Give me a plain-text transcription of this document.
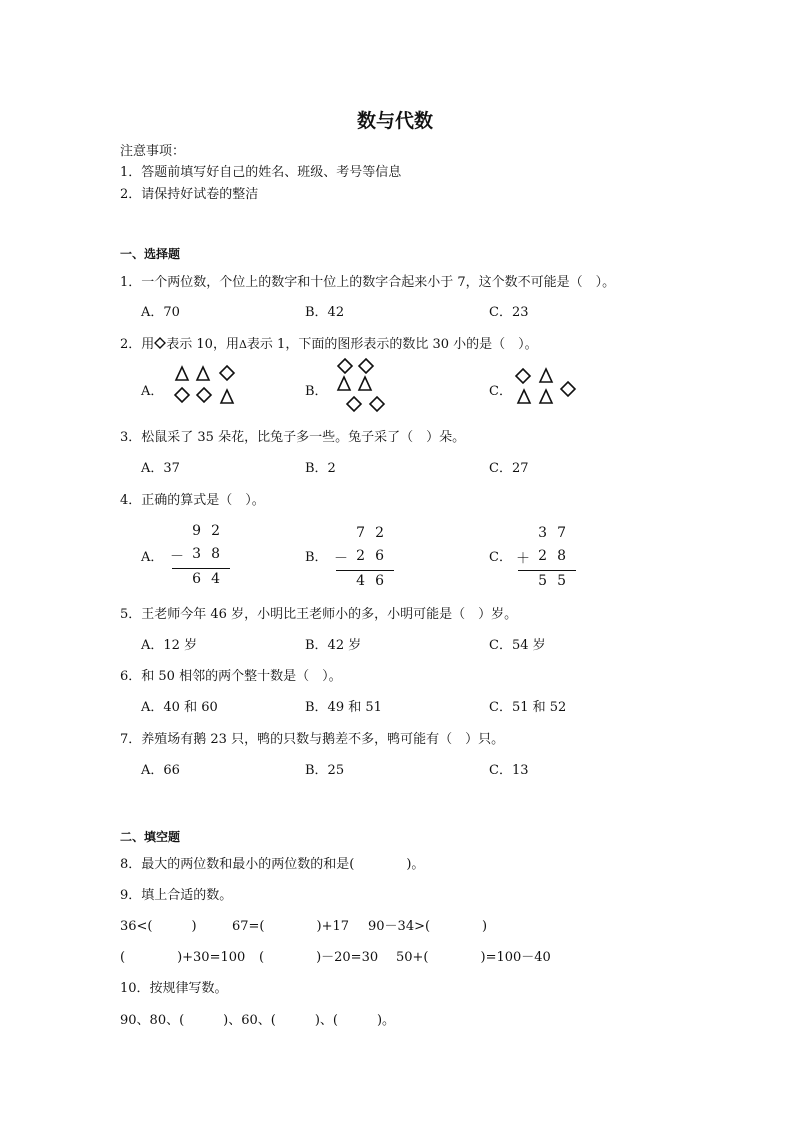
数与代数
注意事项：
1．答题前填写好自己的姓名、班级、考号等信息
2．请保持好试卷的整洁
一、选择题
1．一个两位数，个位上的数字和十位上的数字合起来小于 7，这个数不可能是（　）。
A．70	B．42	C．23
2．用 表示 10，用Δ表示 1，下面的图形表示的数比 30 小的是（　）。
A．	B．	C．
3．松鼠采了 35 朵花，比兔子多一些。兔子采了（　）朵。
A．37	B．2	C．27
4．正确的算式是（　）。
A．
92
－ 38
64
B．
72
－ 26
46
C．
37
＋ 28
55
5．王老师今年 46 岁，小明比王老师小的多，小明可能是（　）岁。
A．12 岁	B．42 岁	C．54 岁
6．和 50 相邻的两个整十数是（　）。
A．40 和 60	B．49 和 51	C．51 和 52
7．养殖场有鹅 23 只，鸭的只数与鹅差不多，鸭可能有（　）只。
A．66	B．25	C．13
二、填空题
8．最大的两位数和最小的两位数的和是(　　　　)。
9．填上合适的数。
36<(　　　)	67=(　　　　)+17 90－34>(　　　　)
(　　　　)+30=100 (　　　　)－20=30 50+(　　　　)=100－40
10．按规律写数。
90、80、(　　　)、60、(　　　)、(　　　)。
